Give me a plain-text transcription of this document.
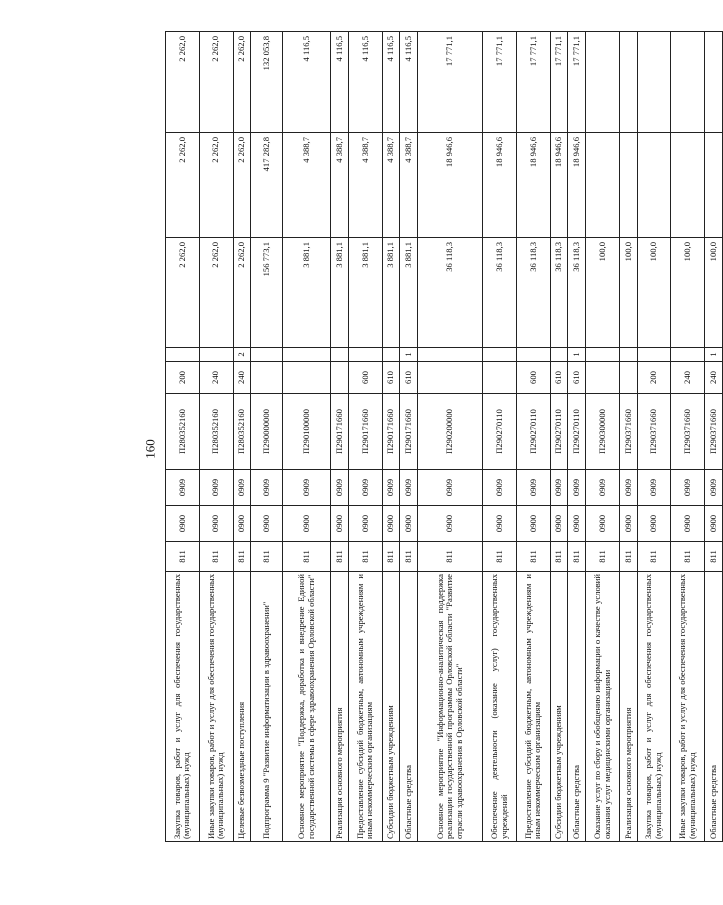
160
Закупка товаров, работ и услуг для обеспечения государственных (муниципальных) нужд	811	0900	0909	П280352160	200		2 262,0	2 262,0	2 262,0
Иные закупки товаров, работ и услуг для обеспечения государственных (муниципальных) нужд	811	0900	0909	П280352160	240		2 262,0	2 262,0	2 262,0
Целевые безвозмездные поступления	811	0900	0909	П280352160	240	2	2 262,0	2 262,0	2 262,0
Подпрограмма 9 "Развитие информатизации в здравоохранении"	811	0900	0909	П290000000			156 773,1	417 282,8	132 053,8
Основное мероприятие "Поддержка, доработка и внедрение Единой государственной системы в сфере здравоохранения Орловской области"	811	0900	0909	П290100000			3 881,1	4 388,7	4 116,5
Реализация основного мероприятия	811	0900	0909	П290171660			3 881,1	4 388,7	4 116,5
Предоставление субсидий бюджетным, автономным учреждениям и иным некоммерческим организациям	811	0900	0909	П290171660	600		3 881,1	4 388,7	4 116,5
Субсидии бюджетным учреждениям	811	0900	0909	П290171660	610		3 881,1	4 388,7	4 116,5
Областные средства	811	0900	0909	П290171660	610	1	3 881,1	4 388,7	4 116,5
Основное мероприятие "Информационно-аналитическая поддержка реализации государственной программы Орловской области "Развитие отрасли здравоохранения в Орловской области"	811	0900	0909	П290200000			36 118,3	18 946,6	17 771,1
Обеспечение деятельности (оказание услуг) государственных учреждений	811	0900	0909	П290270110			36 118,3	18 946,6	17 771,1
Предоставление субсидий бюджетным, автономным учреждениям и иным некоммерческим организациям	811	0900	0909	П290270110	600		36 118,3	18 946,6	17 771,1
Субсидии бюджетным учреждениям	811	0900	0909	П290270110	610		36 118,3	18 946,6	17 771,1
Областные средства	811	0900	0909	П290270110	610	1	36 118,3	18 946,6	17 771,1
Оказание услуг по сбору и обобщению информации о качестве условий оказания услуг медицинскими организациями	811	0900	0909	П290300000			100,0		
Реализация основного мероприятия	811	0900	0909	П290371660			100,0		
Закупка товаров, работ и услуг для обеспечения государственных (муниципальных) нужд	811	0900	0909	П290371660	200		100,0		
Иные закупки товаров, работ и услуг для обеспечения государственных (муниципальных) нужд	811	0900	0909	П290371660	240		100,0		
Областные средства	811	0900	0909	П290371660	240	1	100,0		
